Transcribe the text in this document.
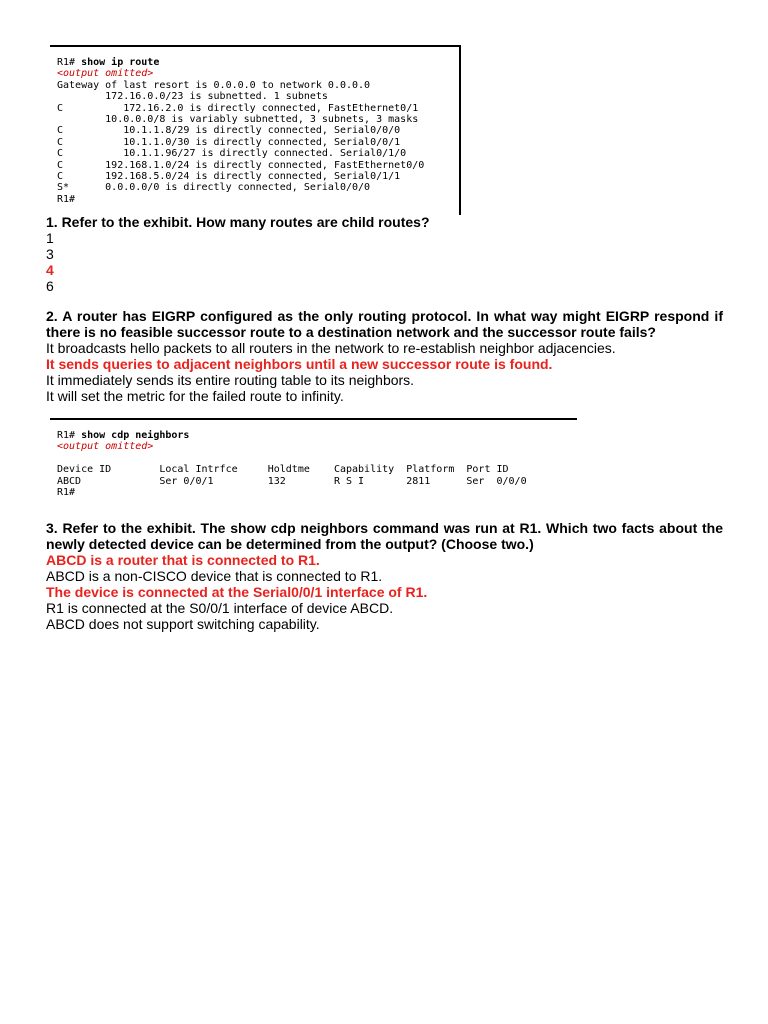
R1# show ip route
<output omitted>
Gateway of last resort is 0.0.0.0 to network 0.0.0.0
172.16.0.0/23 is subnetted. 1 subnets
C          172.16.2.0 is directly connected, FastEthernet0/1
10.0.0.0/8 is variably subnetted, 3 subnets, 3 masks
C          10.1.1.8/29 is directly connected, Serial0/0/0
C          10.1.1.0/30 is directly connected, Serial0/0/1
C          10.1.1.96/27 is directly connected. Serial0/1/0
C       192.168.1.0/24 is directly connected, FastEthernet0/0
C       192.168.5.0/24 is directly connected, Serial0/1/1
S*      0.0.0.0/0 is directly connected, Serial0/0/0
R1#
1. Refer to the exhibit. How many routes are child routes?
1
3
4
6
2. A router has EIGRP configured as the only routing protocol. In what way might EIGRP respond if there is no feasible successor route to a destination network and the successor route fails?
It broadcasts hello packets to all routers in the network to re-establish neighbor adjacencies.
It sends queries to adjacent neighbors until a new successor route is found.
It immediately sends its entire routing table to its neighbors.
It will set the metric for the failed route to infinity.
R1# show cdp neighbors
<output omitted>

Device ID        Local Intrfce     Holdtme    Capability  Platform  Port ID
ABCD             Ser 0/0/1         132        R S I       2811      Ser  0/0/0
R1#
3. Refer to the exhibit. The show cdp neighbors command was run at R1. Which two facts about the newly detected device can be determined from the output? (Choose two.)
ABCD is a router that is connected to R1.
ABCD is a non-CISCO device that is connected to R1.
The device is connected at the Serial0/0/1 interface of R1.
R1 is connected at the S0/0/1 interface of device ABCD.
ABCD does not support switching capability.
